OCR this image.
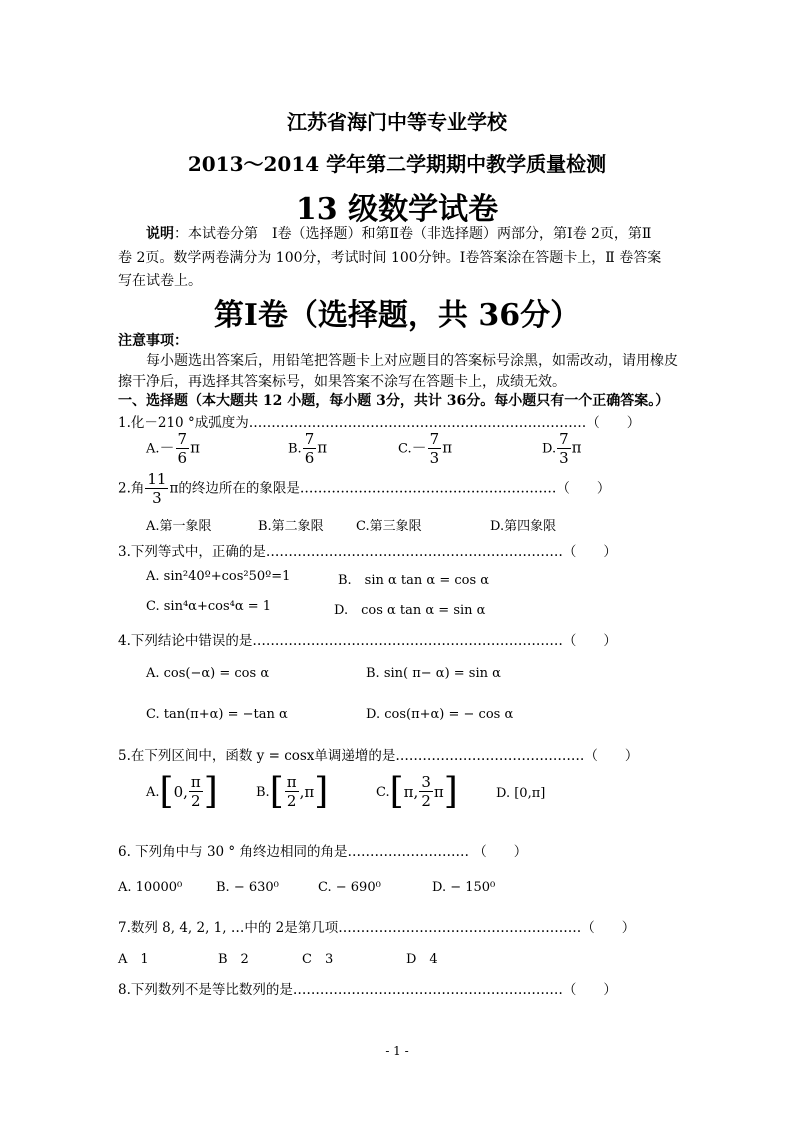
江苏省海门中等专业学校
2013～2014 学年第二学期期中教学质量检测
13 级数学试卷
说明：本试卷分第　Ⅰ卷（选择题）和第Ⅱ卷（非选择题）两部分，第Ⅰ卷 2页，第Ⅱ
卷 2页。数学两卷满分为 100分，考试时间 100分钟。Ⅰ卷答案涂在答题卡上，Ⅱ 卷答案
写在试卷上。
第Ⅰ卷（选择题，共 36分）
注意事项：
每小题选出答案后，用铅笔把答题卡上对应题目的答案标号涂黑，如需改动，请用橡皮
擦干净后，再选择其答案标号，如果答案不涂写在答题卡上，成绩无效。
一、选择题（本大题共 12 小题，每小题 3分，共计 36分。每小题只有一个正确答案。）
1.化－210 °成弧度为…………………………………………………………………（　　）
$A.- \frac{7}{6}$ π	B. $\frac{7}{6}$ π	$C.- \frac{7}{3}$ π	D. $\frac{7}{3}$ π
2.角 $\frac{11}{3}$ π的终边所在的象限是…………………………………………………（　　）
A.第一象限	B.第二象限 C.第三象限	D.第四象限
3.下列等式中，正确的是…………………………………………………………（　　）
A. sin²40º+cos²50º=1	B.　sin α tan α = cos α
C. sin⁴α+cos⁴α = 1	D.　cos α tan α = sin α
4.下列结论中错误的是……………………………………………………………（　　）
A. cos(−α) = cos α	B. sin( π− α) = sin α
C. tan(π+α) = −tan α	D. cos(π+α) = − cos α
5.在下列区间中，函数 y = cosx单调递增的是……………………………………（　　）
A. [ 0, $\frac{\pi}{2}$ ]	B. [ $\frac{\pi}{2} ,\pi$ ]	C. [ π, $\frac{3}{2}$ π ]	D. [0,π]
6. 下列角中与 30 ° 角终边相同的角是……………………… （　　）
A. 10000⁰	B. − 630⁰	C. − 690⁰	D. − 150⁰
7.数列 8, 4, 2, 1, …中的 2是第几项………………………………………………（　　）
A　1	B　2	C　3	D　4
8.下列数列不是等比数列的是……………………………………………………（　　）
- 1 -
